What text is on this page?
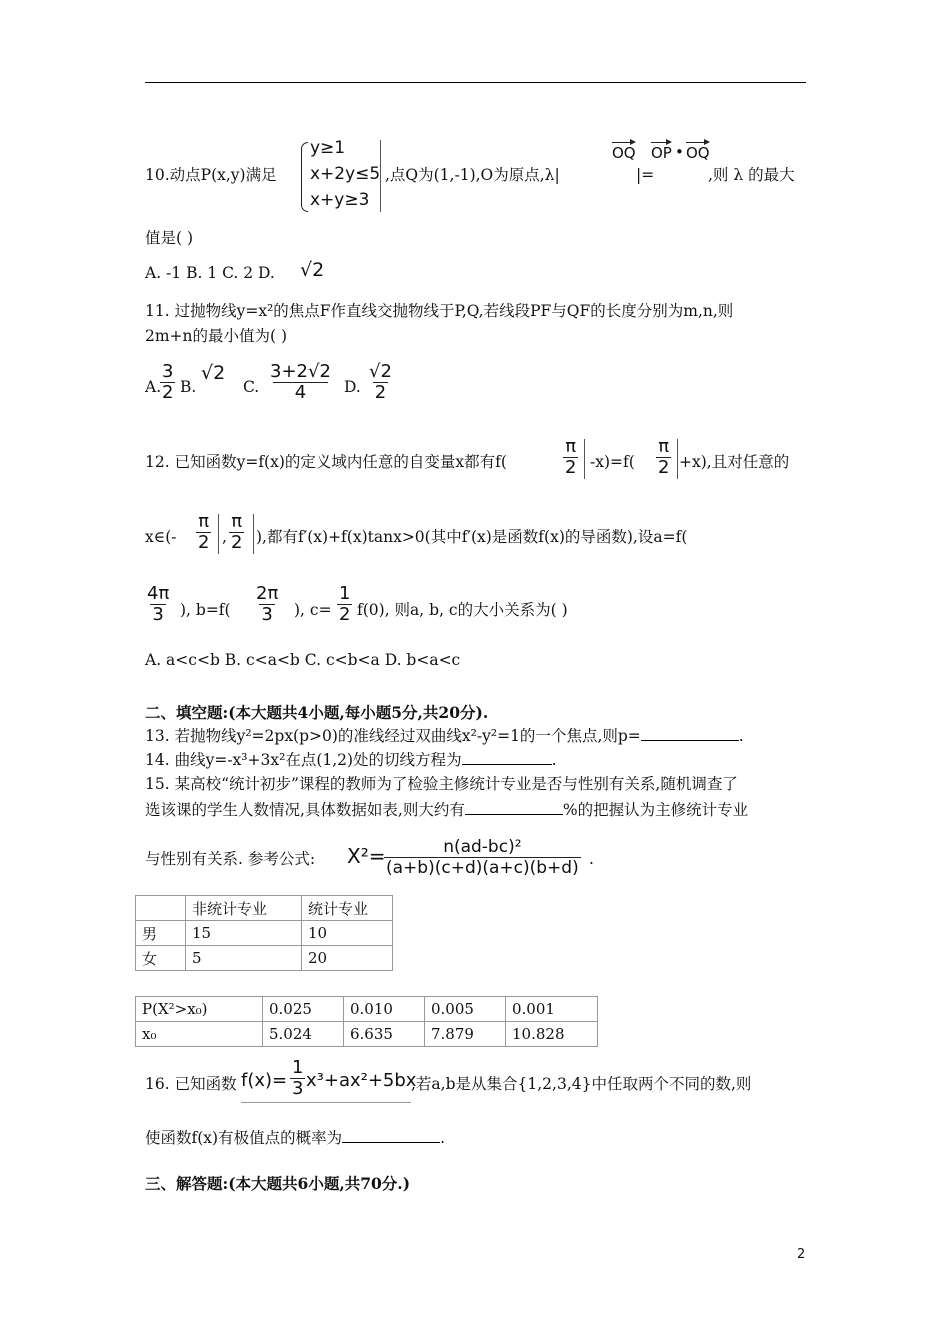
10.动点P(x,y)满足
y≥1
x+2y≤5
x+y≥3
,点Q为(1,-1),O为原点,λ|
OQ
|=
OP • OQ
,则 λ 的最大
值是( )
A. -1 B. 1 C. 2 D. √2
11. 过抛物线y=x²的焦点F作直线交抛物线于P,Q,若线段PF与QF的长度分别为m,n,则
2m+n的最小值为( )
A.
$\frac{3}{2} B$.
√2
C. $\frac{3+2√2}{4} D$. $\frac{√2}{2}$
12. 已知函数y=f(x)的定义域内任意的自变量x都有f(	$\frac{\pi}{2} -x)=f( \frac{\pi}{2} +x)$,且对任意的
x∈(- $\frac{\pi}{2}$ , $\frac{\pi}{2}$ ),都有f′(x)+f(x)tanx>0(其中f′(x)是函数f(x)的导函数),设a=f(
$\frac{4\pi}{3}$ ), $b=f( \frac{2\pi}{3}$ ), $c= \frac{1}{2} f(0)$, 则a, b, c的大小关系为( )
A. a<c<b B. c<a<b C. c<b<a D. b<a<c
二、填空题:(本大题共4小题,每小题5分,共20分).
13. 若抛物线y²=2px(p>0)的准线经过双曲线x²-y²=1的一个焦点,则p=	.
14. 曲线y=-x³+3x²在点(1,2)处的切线方程为	.
15. 某高校“统计初步”课程的教师为了检验主修统计专业是否与性别有关系,随机调查了
选该课的学生人数情况,具体数据如表,则大约有	%的把握认为主修统计专业
与性别有关系. 参考公式: X²=
$\frac{\text{n(ad-bc)²}}{(a+b)(c+d)(a+c)(b+d)}$ .
	非统计专业	统计专业
男	15	10
女	5	20
P(X²>x₀)	0.025	0.010	0.005	0.001
x₀	5.024	6.635	7.879	10.828
16. 已知函数 $f(x)= \frac{1}{3} x^3+ax^2+5bx$
,若a,b是从集合{1,2,3,4}中任取两个不同的数,则
使函数f(x)有极值点的概率为	.
三、解答题:(本大题共6小题,共70分.)
2
